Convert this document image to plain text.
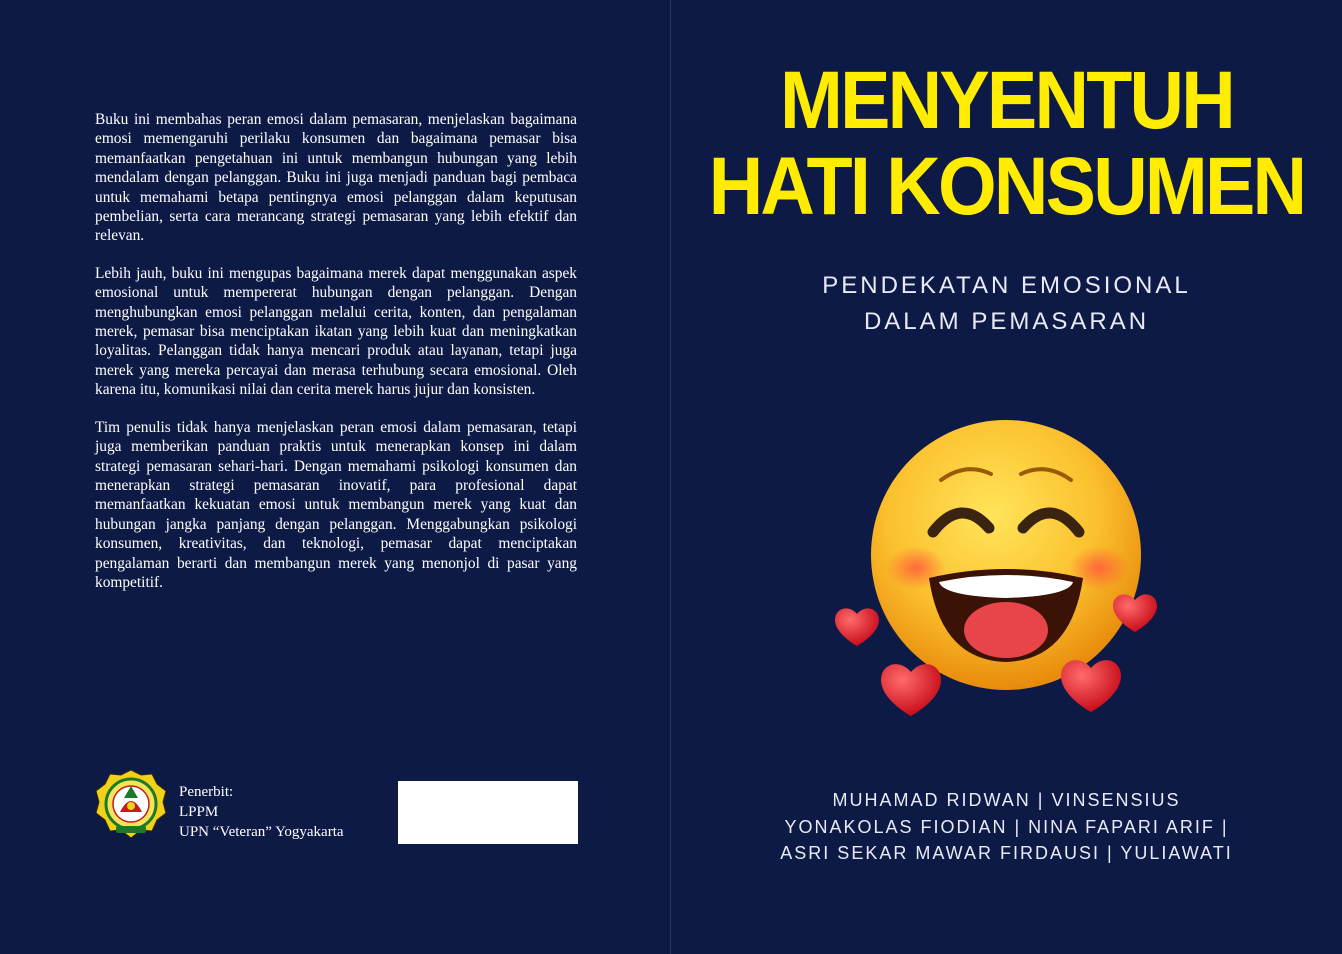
Buku ini membahas peran emosi dalam pemasaran, menjelaskan bagaimana emosi memengaruhi perilaku konsumen dan bagaimana pemasar bisa memanfaatkan pengetahuan ini untuk membangun hubungan yang lebih mendalam dengan pelanggan. Buku ini juga menjadi panduan bagi pembaca untuk memahami betapa pentingnya emosi pelanggan dalam keputusan pembelian, serta cara merancang strategi pemasaran yang lebih efektif dan relevan.

Lebih jauh, buku ini mengupas bagaimana merek dapat menggunakan aspek emosional untuk mempererat hubungan dengan pelanggan. Dengan menghubungkan emosi pelanggan melalui cerita, konten, dan pengalaman merek, pemasar bisa menciptakan ikatan yang lebih kuat dan meningkatkan loyalitas. Pelanggan tidak hanya mencari produk atau layanan, tetapi juga merek yang mereka percayai dan merasa terhubung secara emosional. Oleh karena itu, komunikasi nilai dan cerita merek harus jujur dan konsisten.

Tim penulis tidak hanya menjelaskan peran emosi dalam pemasaran, tetapi juga memberikan panduan praktis untuk menerapkan konsep ini dalam strategi pemasaran sehari-hari. Dengan memahami psikologi konsumen dan menerapkan strategi pemasaran inovatif, para profesional dapat memanfaatkan kekuatan emosi untuk membangun merek yang kuat dan hubungan jangka panjang dengan pelanggan. Menggabungkan psikologi konsumen, kreativitas, dan teknologi, pemasar dapat menciptakan pengalaman berarti dan membangun merek yang menonjol di pasar yang kompetitif.

Penerbit:
LPPM
UPN “Veteran” Yogyakarta
MENYENTUH
HATI KONSUMEN
PENDEKATAN EMOSIONAL
DALAM PEMASARAN
MUHAMAD RIDWAN | VINSENSIUS
YONAKOLAS FIODIAN | NINA FAPARI ARIF |
ASRI SEKAR MAWAR FIRDAUSI | YULIAWATI
